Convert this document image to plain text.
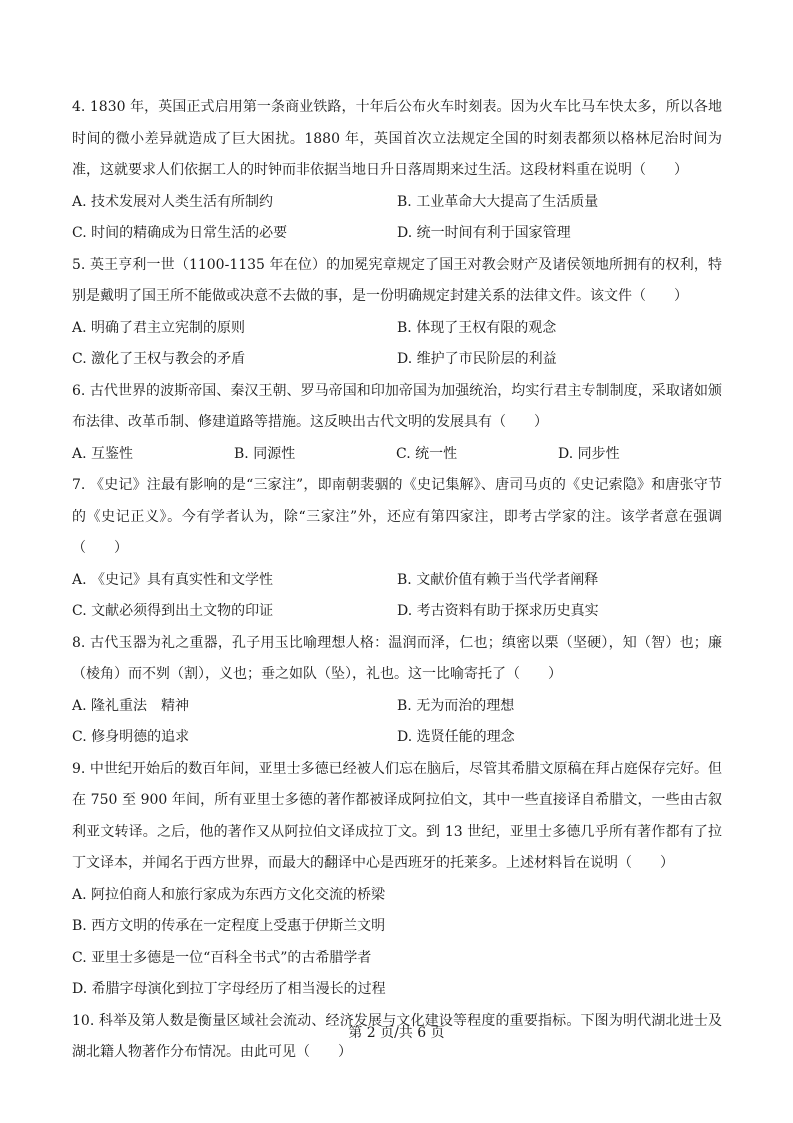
4. 1830 年，英国正式启用第一条商业铁路，十年后公布火车时刻表。因为火车比马车快太多，所以各地时间的微小差异就造成了巨大困扰。1880 年，英国首次立法规定全国的时刻表都须以格林尼治时间为准，这就要求人们依据工人的时钟而非依据当地日升日落周期来过生活。这段材料重在说明（　　）

A. 技术发展对人类生活有所制约	B. 工业革命大大提高了生活质量
C. 时间的精确成为日常生活的必要	D. 统一时间有利于国家管理

5. 英王亨利一世（1100-1135 年在位）的加冕宪章规定了国王对教会财产及诸侯领地所拥有的权利，特别是戴明了国王所不能做或决意不去做的事，是一份明确规定封建关系的法律文件。该文件（　　）

A. 明确了君主立宪制的原则	B. 体现了王权有限的观念
C. 激化了王权与教会的矛盾	D. 维护了市民阶层的利益

6. 古代世界的波斯帝国、秦汉王朝、罗马帝国和印加帝国为加强统治，均实行君主专制制度，采取诸如颁布法律、改革币制、修建道路等措施。这反映出古代文明的发展具有（　　）

A. 互鉴性	B. 同源性	C. 统一性	D. 同步性

7. 《史记》注最有影响的是“三家注”，即南朝裴骃的《史记集解》、唐司马贞的《史记索隐》和唐张守节的《史记正义》。今有学者认为，除“三家注”外，还应有第四家注，即考古学家的注。该学者意在强调（　　）

A. 《史记》具有真实性和文学性	B. 文献价值有赖于当代学者阐释
C. 文献必须得到出土文物的印证	D. 考古资料有助于探求历史真实

8. 古代玉器为礼之重器，孔子用玉比喻理想人格：温润而泽，仁也；缜密以栗（坚硬），知（智）也；廉（棱角）而不刿（割），义也；垂之如队（坠），礼也。这一比喻寄托了（　　）

A. 隆礼重法　精神	B. 无为而治的理想
C. 修身明德的追求	D. 选贤任能的理念

9. 中世纪开始后的数百年间，亚里士多德已经被人们忘在脑后，尽管其希腊文原稿在拜占庭保存完好。但在 750 至 900 年间，所有亚里士多德的著作都被译成阿拉伯文，其中一些直接译自希腊文，一些由古叙利亚文转译。之后，他的著作又从阿拉伯文译成拉丁文。到 13 世纪，亚里士多德几乎所有著作都有了拉丁文译本，并闻名于西方世界，而最大的翻译中心是西班牙的托莱多。上述材料旨在说明（　　）

A. 阿拉伯商人和旅行家成为东西方文化交流的桥梁
B. 西方文明的传承在一定程度上受惠于伊斯兰文明
C. 亚里士多德是一位“百科全书式”的古希腊学者
D. 希腊字母演化到拉丁字母经历了相当漫长的过程

10. 科举及第人数是衡量区域社会流动、经济发展与文化建设等程度的重要指标。下图为明代湖北进士及湖北籍人物著作分布情况。由此可见（　　）

第 2 页/共 6 页
